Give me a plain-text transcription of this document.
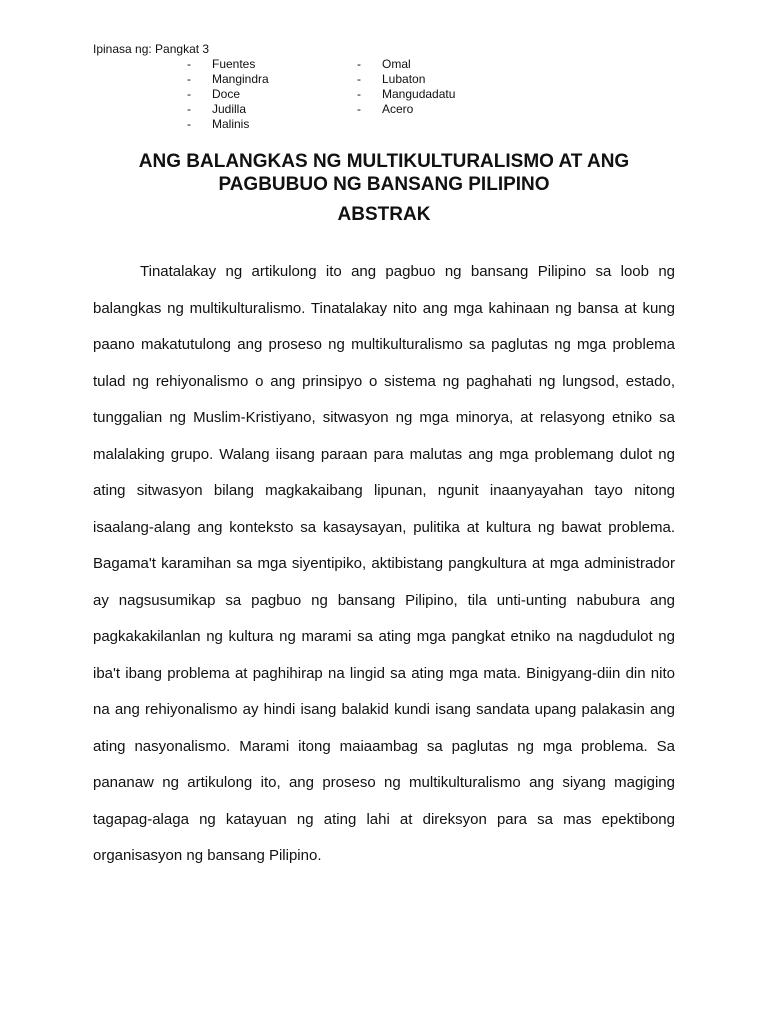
Ipinasa ng: Pangkat 3
-	Fuentes
-	Mangindra
-	Doce
-	Judilla
-	Malinis
-	Omal
-	Lubaton
-	Mangudadatu
-	Acero
ANG BALANGKAS NG MULTIKULTURALISMO AT ANG
PAGBUBUO NG BANSANG PILIPINO
ABSTRAK

Tinatalakay ng artikulong ito ang pagbuo ng bansang Pilipino sa loob ng balangkas ng multikulturalismo. Tinatalakay nito ang mga kahinaan ng bansa at kung paano makatutulong ang proseso ng multikulturalismo sa paglutas ng mga problema tulad ng rehiyonalismo o ang prinsipyo o sistema ng paghahati ng lungsod, estado, tunggalian ng Muslim-Kristiyano, sitwasyon ng mga minorya, at relasyong etniko sa malalaking grupo. Walang iisang paraan para malutas ang mga problemang dulot ng ating sitwasyon bilang magkakaibang lipunan, ngunit inaanyayahan tayo nitong isaalang-alang ang konteksto sa kasaysayan, pulitika at kultura ng bawat problema. Bagama't karamihan sa mga siyentipiko, aktibistang pangkultura at mga administrador ay nagsusumikap sa pagbuo ng bansang Pilipino, tila unti-unting nabubura ang pagkakakilanlan ng kultura ng marami sa ating mga pangkat etniko na nagdudulot ng iba't ibang problema at paghihirap na lingid sa ating mga mata. Binigyang-diin din nito na ang rehiyonalismo ay hindi isang balakid kundi isang sandata upang palakasin ang ating nasyonalismo. Marami itong maiaambag sa paglutas ng mga problema. Sa pananaw ng artikulong ito, ang proseso ng multikulturalismo ang siyang magiging tagapag-alaga ng katayuan ng ating lahi at direksyon para sa mas epektibong organisasyon ng bansang Pilipino.
